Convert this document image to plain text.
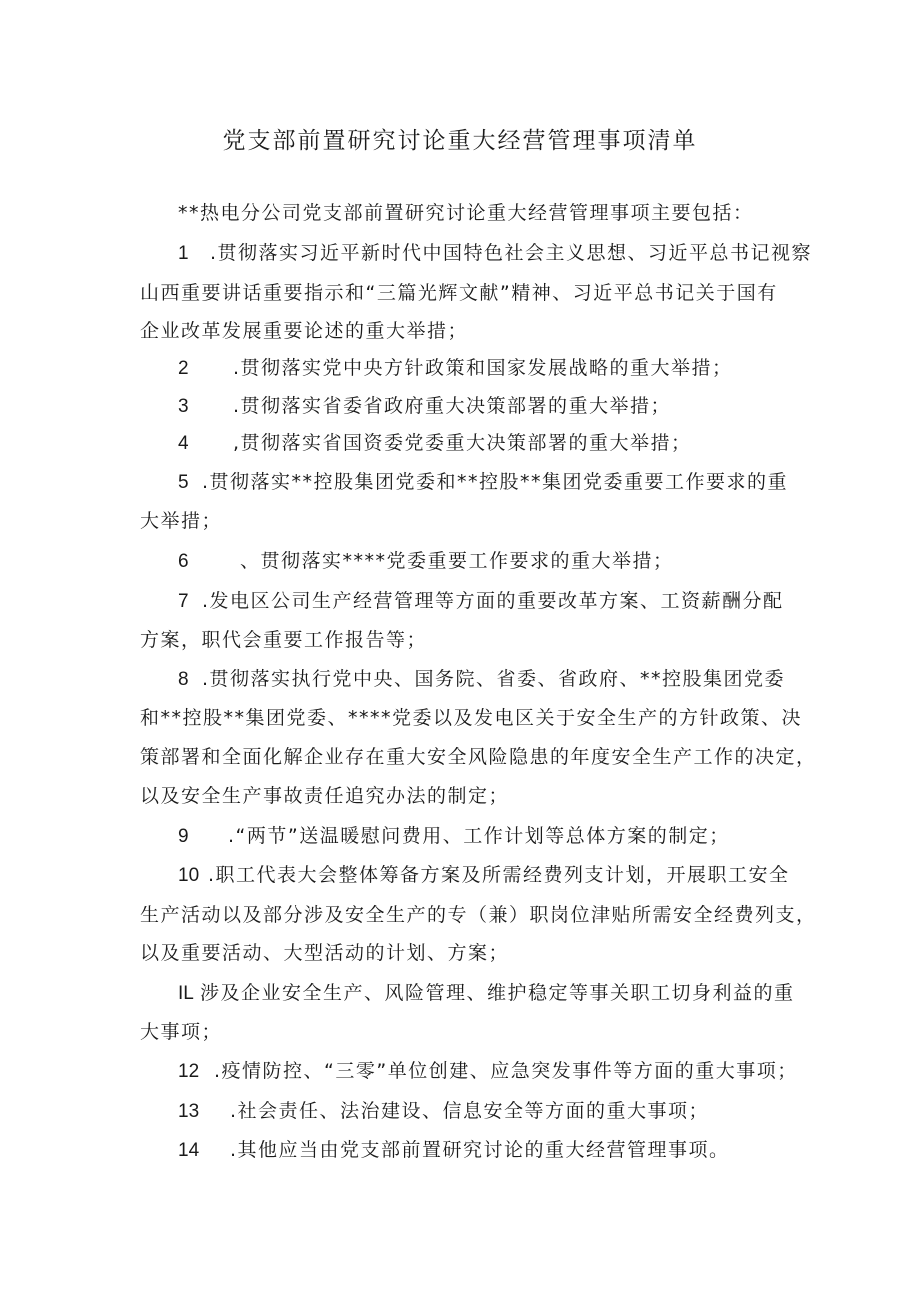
党支部前置研究讨论重大经营管理事项清单
**热电分公司党支部前置研究讨论重大经营管理事项主要包括：
1 .贯彻落实习近平新时代中国特色社会主义思想、习近平总书记视察
山西重要讲话重要指示和“三篇光辉文献”精神、习近平总书记关于国有
企业改革发展重要论述的重大举措；
2 .贯彻落实党中央方针政策和国家发展战略的重大举措；
3 .贯彻落实省委省政府重大决策部署的重大举措；
4 ,贯彻落实省国资委党委重大决策部署的重大举措；
5 .贯彻落实**控股集团党委和**控股**集团党委重要工作要求的重
大举措；
6	、贯彻落实****党委重要工作要求的重大举措；
7 .发电区公司生产经营管理等方面的重要改革方案、工资薪酬分配
方案，职代会重要工作报告等；
8 .贯彻落实执行党中央、国务院、省委、省政府、**控股集团党委
和**控股**集团党委、****党委以及发电区关于安全生产的方针政策、决
策部署和全面化解企业存在重大安全风险隐患的年度安全生产工作的决定，
以及安全生产事故责任追究办法的制定；
9 .“两节”送温暖慰问费用、工作计划等总体方案的制定；
10 .职工代表大会整体筹备方案及所需经费列支计划，开展职工安全
生产活动以及部分涉及安全生产的专（兼）职岗位津贴所需安全经费列支，
以及重要活动、大型活动的计划、方案；
IL 涉及企业安全生产、风险管理、维护稳定等事关职工切身利益的重
大事项；
12 .疫情防控、“三零”单位创建、应急突发事件等方面的重大事项；
13 .社会责任、法治建设、信息安全等方面的重大事项；
14 .其他应当由党支部前置研究讨论的重大经营管理事项。
